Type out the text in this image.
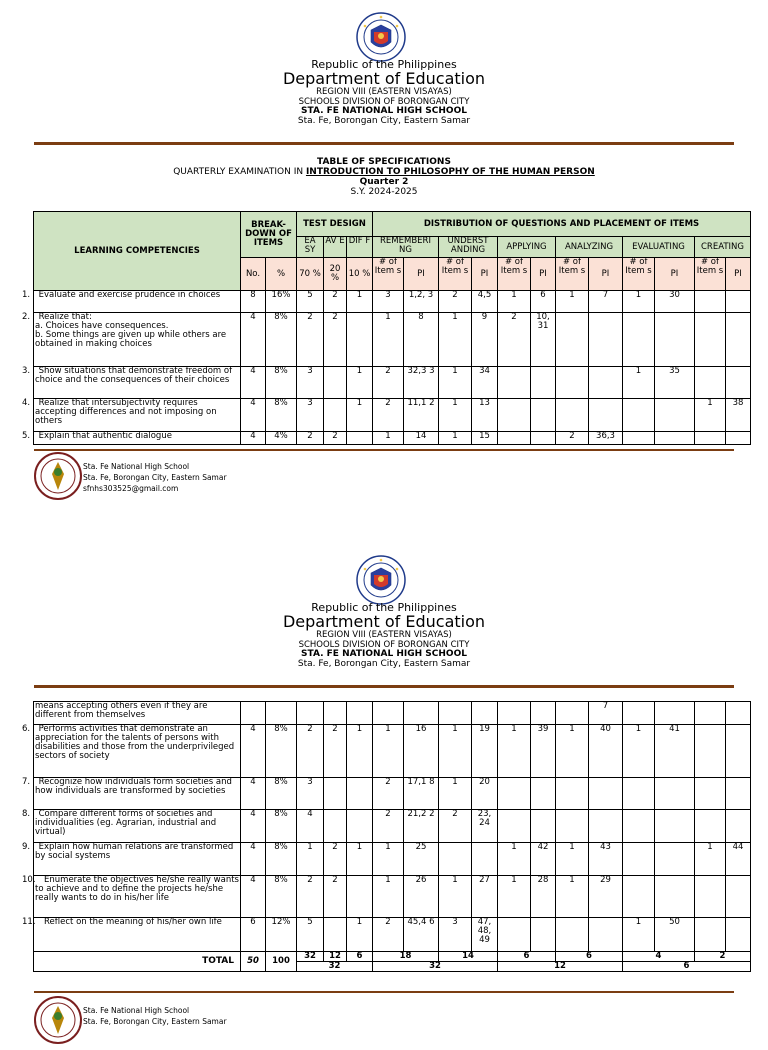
Republic of the Philippines
Department of Education
REGION VIII (EASTERN VISAYAS)
SCHOOLS DIVISION OF BORONGAN CITY
STA. FE NATIONAL HIGH SCHOOL
Sta. Fe, Borongan City, Eastern Samar
TABLE OF SPECIFICATIONS
QUARTERLY EXAMINATION IN INTRODUCTION TO PHILOSOPHY OF THE HUMAN PERSON
Quarter 2
S.Y. 2024-2025
LEARNING COMPETENCIES	BREAK-DOWN OF ITEMS		TEST DESIGN			DISTRIBUTION OF QUESTIONS AND PLACEMENT OF ITEMS											
			EA SY	AV E	DIF F	REMEMBERI NG		UNDERST ANDING		APPLYING		ANALYZING		EVALUATING		CREATING	
	No.	%	70 %	20 %	10 %	# of Item s	PI	# of Item s	PI	# of Item s	PI	# of Item s	PI	# of Item s	PI	# of Item s	PI
1. Evaluate and exercise prudence in choices	8	16%	5	2	1	3	1,2, 3	2	4,5	1	6	1	7	1	30		
2. Realize that:
a. Choices have consequences.
b. Some things are given up while others are obtained in making choices	4	8%	2	2		1	8	1	9	2	10, 31						
3. Show situations that demonstrate freedom of choice and the consequences of their choices	4	8%	3		1	2	32,3 3	1	34					1	35		
4. Realize that intersubjectivity requires accepting differences and not imposing on others	4	8%	3		1	2	11,1 2	1	13							1	38
5. Explain that authentic dialogue	4	4%	2	2		1	14	1	15			2	36,3				
Sta. Fe National High School
Sta. Fe, Borongan City, Eastern Samar
sfnhs303525@gmail.com
Republic of the Philippines
Department of Education
REGION VIII (EASTERN VISAYAS)
SCHOOLS DIVISION OF BORONGAN CITY
STA. FE NATIONAL HIGH SCHOOL
Sta. Fe, Borongan City, Eastern Samar
means accepting others even if they are different from themselves													7				
6. Performs activities that demonstrate an appreciation for the talents of persons with disabilities and those from the underprivileged sectors of society	4	8%	2	2	1	1	16	1	19	1	39	1	40	1	41		
7. Recognize how individuals form societies and how individuals are transformed by societies	4	8%	3			2	17,1 8	1	20								
8. Compare different forms of societies and individualities (eg. Agrarian, industrial and virtual)	4	8%	4			2	21,2 2	2	23, 24								
9. Explain how human relations are transformed by social systems	4	8%	1	2	1	1	25			1	42	1	43			1	44
10. Enumerate the objectives he/she really wants to achieve and to define the projects he/she really wants to do in his/her life	4	8%	2	2		1	26	1	27	1	28	1	29				
11. Reflect on the meaning of his/her own life	6	12%	5		1	2	45,4 6	3	47, 48, 49					1	50		
TOTAL	50	100	32	12	6	18		14		6		6		4		2	
			32			32				12				6			
Sta. Fe National High School
Sta. Fe, Borongan City, Eastern Samar
